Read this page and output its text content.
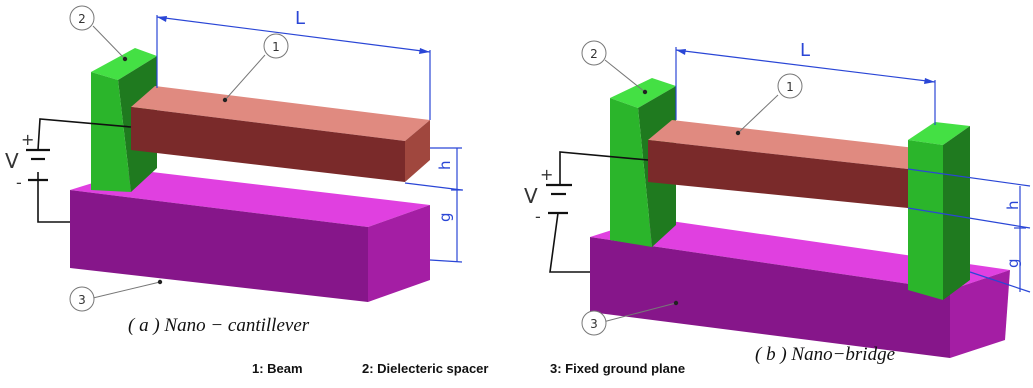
V
+
-
L
h
g
1
2
3
( a ) Nano − cantillever
V
+
-
L
h
g
1
2
3
( b ) Nano−bridge
1: Beam	2: Dielecteric spacer	3: Fixed ground plane
